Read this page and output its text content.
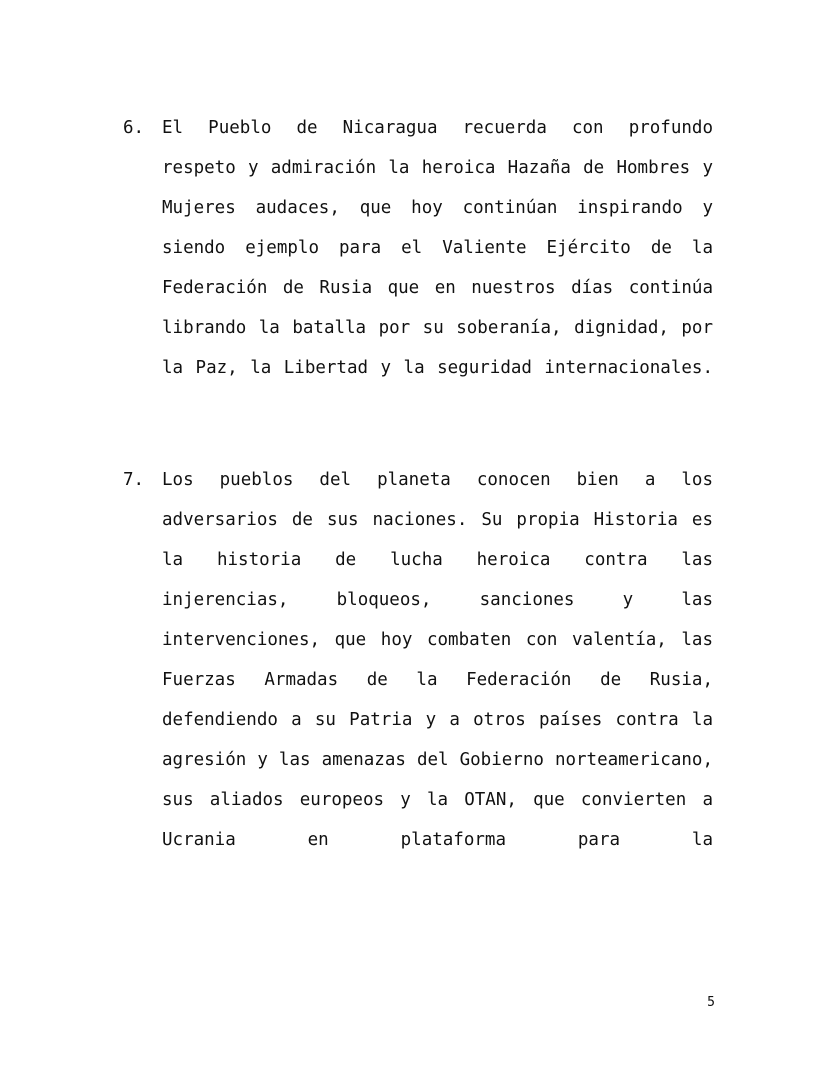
6.	El Pueblo de Nicaragua recuerda con profundo respeto y admiración la heroica Hazaña de Hombres y Mujeres audaces, que hoy continúan inspirando y siendo ejemplo para el Valiente Ejército de la Federación de Rusia que en nuestros días continúa librando la batalla por su soberanía, dignidad, por la Paz, la Libertad y la seguridad internacionales.
7.	Los pueblos del planeta conocen bien a los adversarios de sus naciones. Su propia Historia es la historia de lucha heroica contra las injerencias, bloqueos, sanciones y las intervenciones, que hoy combaten con valentía, las Fuerzas Armadas de la Federación de Rusia, defendiendo a su Patria y a otros países contra la agresión y las amenazas del Gobierno norteamericano, sus aliados europeos y la OTAN, que convierten a Ucrania en plataforma para la
5
